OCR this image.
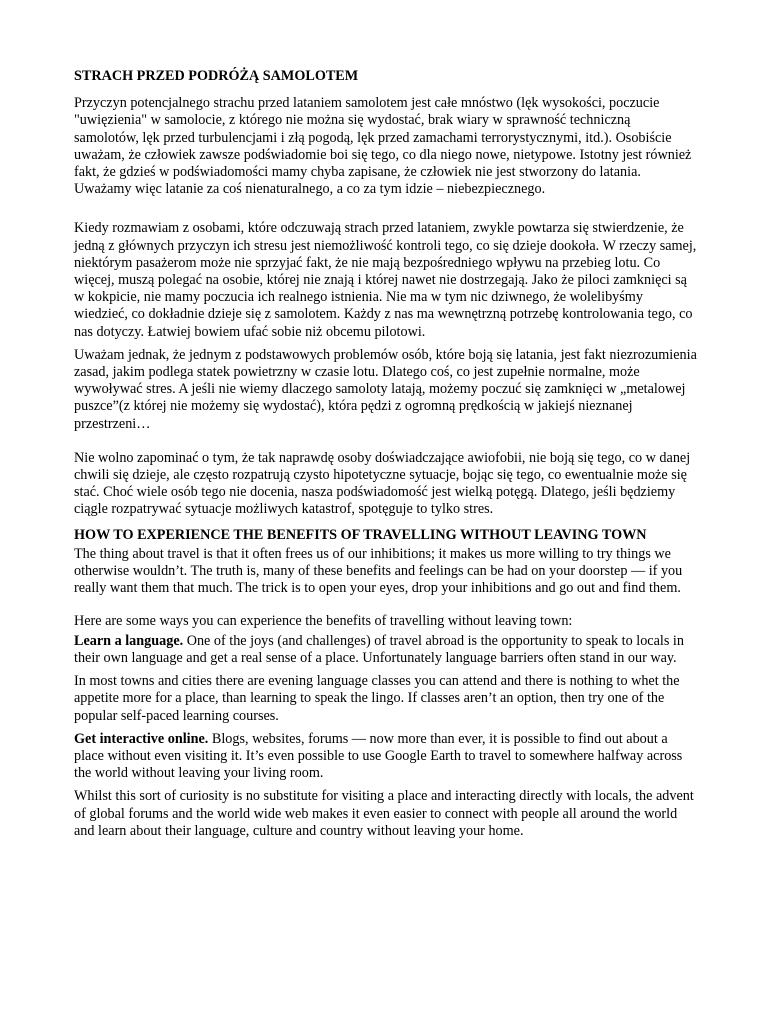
STRACH PRZED PODRÓŻĄ SAMOLOTEM

Przyczyn potencjalnego strachu przed lataniem samolotem jest całe mnóstwo (lęk wysokości, poczucie "uwięzienia" w samolocie, z którego nie można się wydostać, brak wiary w sprawność techniczną samolotów, lęk przed turbulencjami i złą pogodą, lęk przed zamachami terrorystycznymi, itd.). Osobiście uważam, że człowiek zawsze podświadomie boi się tego, co dla niego nowe, nietypowe. Istotny jest również fakt, że gdzieś w podświadomości mamy chyba zapisane, że człowiek nie jest stworzony do latania. Uważamy więc latanie za coś nienaturalnego, a co za tym idzie – niebezpiecznego.

Kiedy rozmawiam z osobami, które odczuwają strach przed lataniem, zwykle powtarza się stwierdzenie, że jedną z głównych przyczyn ich stresu jest niemożliwość kontroli tego, co się dzieje dookoła. W rzeczy samej, niektórym pasażerom może nie sprzyjać fakt, że nie mają bezpośredniego wpływu na przebieg lotu. Co więcej, muszą polegać na osobie, której nie znają i której nawet nie dostrzegają. Jako że piloci zamknięci są w kokpicie, nie mamy poczucia ich realnego istnienia. Nie ma w tym nic dziwnego, że wolelibyśmy wiedzieć, co dokładnie dzieje się z samolotem. Każdy z nas ma wewnętrzną potrzebę kontrolowania tego, co nas dotyczy. Łatwiej bowiem ufać sobie niż obcemu pilotowi.

Uważam jednak, że jednym z podstawowych problemów osób, które boją się latania, jest fakt niezrozumienia zasad, jakim podlega statek powietrzny w czasie lotu. Dlatego coś, co jest zupełnie normalne, może wywoływać stres. A jeśli nie wiemy dlaczego samoloty latają, możemy poczuć się zamknięci w „metalowej puszce”(z której nie możemy się wydostać), która pędzi z ogromną prędkością w jakiejś nieznanej przestrzeni…

Nie wolno zapominać o tym, że tak naprawdę osoby doświadczające awiofobii, nie boją się tego, co w danej chwili się dzieje, ale często rozpatrują czysto hipotetyczne sytuacje, bojąc się tego, co ewentualnie może się stać. Choć wiele osób tego nie docenia, nasza podświadomość jest wielką potęgą. Dlatego, jeśli będziemy ciągle rozpatrywać sytuacje możliwych katastrof, spotęguje to tylko stres.

HOW TO EXPERIENCE THE BENEFITS OF TRAVELLING WITHOUT LEAVING TOWN

The thing about travel is that it often frees us of our inhibitions; it makes us more willing to try things we otherwise wouldn’t. The truth is, many of these benefits and feelings can be had on your doorstep — if you really want them that much. The trick is to open your eyes, drop your inhibitions and go out and find them.

Here are some ways you can experience the benefits of travelling without leaving town:

Learn a language. One of the joys (and challenges) of travel abroad is the opportunity to speak to locals in their own language and get a real sense of a place. Unfortunately language barriers often stand in our way.

In most towns and cities there are evening language classes you can attend and there is nothing to whet the appetite more for a place, than learning to speak the lingo. If classes aren’t an option, then try one of the popular self-paced learning courses.

Get interactive online. Blogs, websites, forums — now more than ever, it is possible to find out about a place without even visiting it. It’s even possible to use Google Earth to travel to somewhere halfway across the world without leaving your living room.

Whilst this sort of curiosity is no substitute for visiting a place and interacting directly with locals, the advent of global forums and the world wide web makes it even easier to connect with people all around the world and learn about their language, culture and country without leaving your home.
